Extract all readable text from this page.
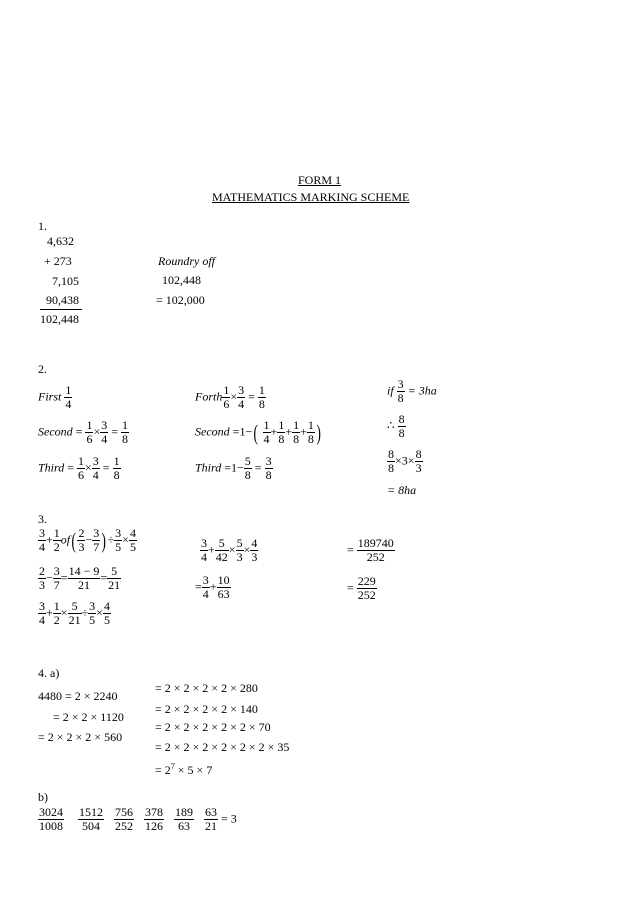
FORM 1
MATHEMATICS MARKING SCHEME
1.
4,632
+ 273
7,105
90,438
102,448
Roundry off
102,448
= 102,000
2.
First $\frac{1}{4}$
Second = $\frac{1}{6} \times \frac{3}{4} = \frac{1}{8}$
Third = $\frac{1}{6} \times \frac{3}{4} = \frac{1}{8}$
Forth $\frac{1}{6} \times \frac{3}{4} = \frac{1}{8}$
Second $=1-( \frac{1}{4} + \frac{1}{8} + \frac{1}{8} + \frac{1}{8}$ )
Third $=1- \frac{5}{8} = \frac{3}{8}$
if $\frac{3}{8} = 3ha$
∴ $\frac{8}{8}$
$\frac{8}{8} \times 3\times \frac{8}{3}$
= 8ha
3.
$\frac{3}{4} + \frac{1}{2} of( \frac{2}{3} - \frac{3}{7}$ )÷ $\frac{3}{5} \times \frac{4}{5}$
$\frac{2}{3} - \frac{3}{7} = \frac{14 - 9}{21} = \frac{5}{21}$
$\frac{3}{4} + \frac{1}{2} \times \frac{5}{21} \div \frac{3}{5} \times \frac{4}{5}$
$\frac{3}{4} + \frac{5}{42} \times \frac{5}{3} \times \frac{4}{3}$
= $\frac{3}{4} + \frac{10}{63}$
= $\frac{189740}{252}$
= $\frac{229}{252}$
4. a)
4480 = 2 × 2240
= 2 × 2 × 1120
= 2 × 2 × 2 × 560
= 2 × 2 × 2 × 2 × 280
= 2 × 2 × 2 × 2 × 140
= 2 × 2 × 2 × 2 × 2 × 70
= 2 × 2 × 2 × 2 × 2 × 2 × 35
= $2^7 \times 5 \times 7$
b)
$\frac{3024}{1008} \frac{1512}{504} \frac{756}{252} \frac{378}{126} \frac{189}{63} \frac{63}{21} = 3$
